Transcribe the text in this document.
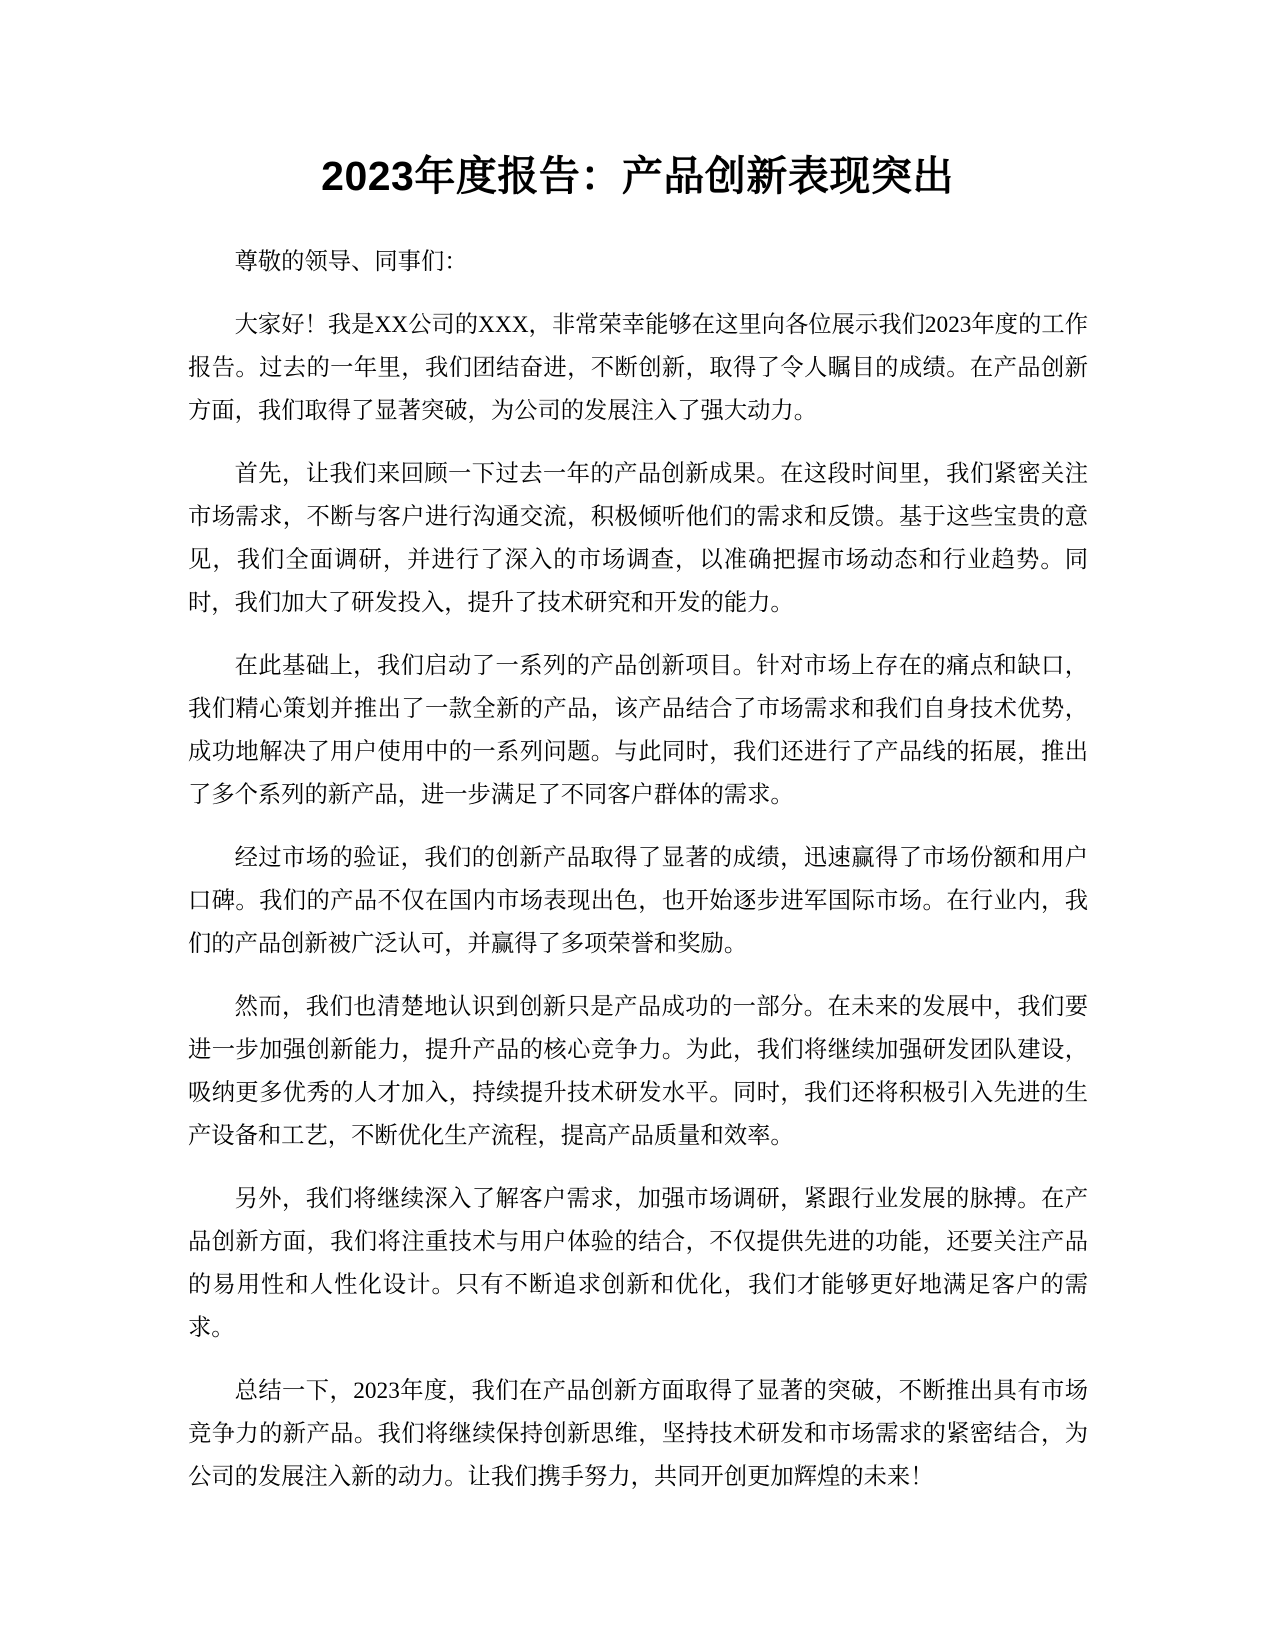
2023年度报告：产品创新表现突出

尊敬的领导、同事们：

大家好！我是XX公司的XXX，非常荣幸能够在这里向各位展示我们2023年度的工作报告。过去的一年里，我们团结奋进，不断创新，取得了令人瞩目的成绩。在产品创新方面，我们取得了显著突破，为公司的发展注入了强大动力。

首先，让我们来回顾一下过去一年的产品创新成果。在这段时间里，我们紧密关注市场需求，不断与客户进行沟通交流，积极倾听他们的需求和反馈。基于这些宝贵的意见，我们全面调研，并进行了深入的市场调查，以准确把握市场动态和行业趋势。同时，我们加大了研发投入，提升了技术研究和开发的能力。

在此基础上，我们启动了一系列的产品创新项目。针对市场上存在的痛点和缺口，我们精心策划并推出了一款全新的产品，该产品结合了市场需求和我们自身技术优势，成功地解决了用户使用中的一系列问题。与此同时，我们还进行了产品线的拓展，推出了多个系列的新产品，进一步满足了不同客户群体的需求。

经过市场的验证，我们的创新产品取得了显著的成绩，迅速赢得了市场份额和用户口碑。我们的产品不仅在国内市场表现出色，也开始逐步进军国际市场。在行业内，我们的产品创新被广泛认可，并赢得了多项荣誉和奖励。

然而，我们也清楚地认识到创新只是产品成功的一部分。在未来的发展中，我们要进一步加强创新能力，提升产品的核心竞争力。为此，我们将继续加强研发团队建设，吸纳更多优秀的人才加入，持续提升技术研发水平。同时，我们还将积极引入先进的生产设备和工艺，不断优化生产流程，提高产品质量和效率。

另外，我们将继续深入了解客户需求，加强市场调研，紧跟行业发展的脉搏。在产品创新方面，我们将注重技术与用户体验的结合，不仅提供先进的功能，还要关注产品的易用性和人性化设计。只有不断追求创新和优化，我们才能够更好地满足客户的需求。

总结一下，2023年度，我们在产品创新方面取得了显著的突破，不断推出具有市场竞争力的新产品。我们将继续保持创新思维，坚持技术研发和市场需求的紧密结合，为公司的发展注入新的动力。让我们携手努力，共同开创更加辉煌的未来！
